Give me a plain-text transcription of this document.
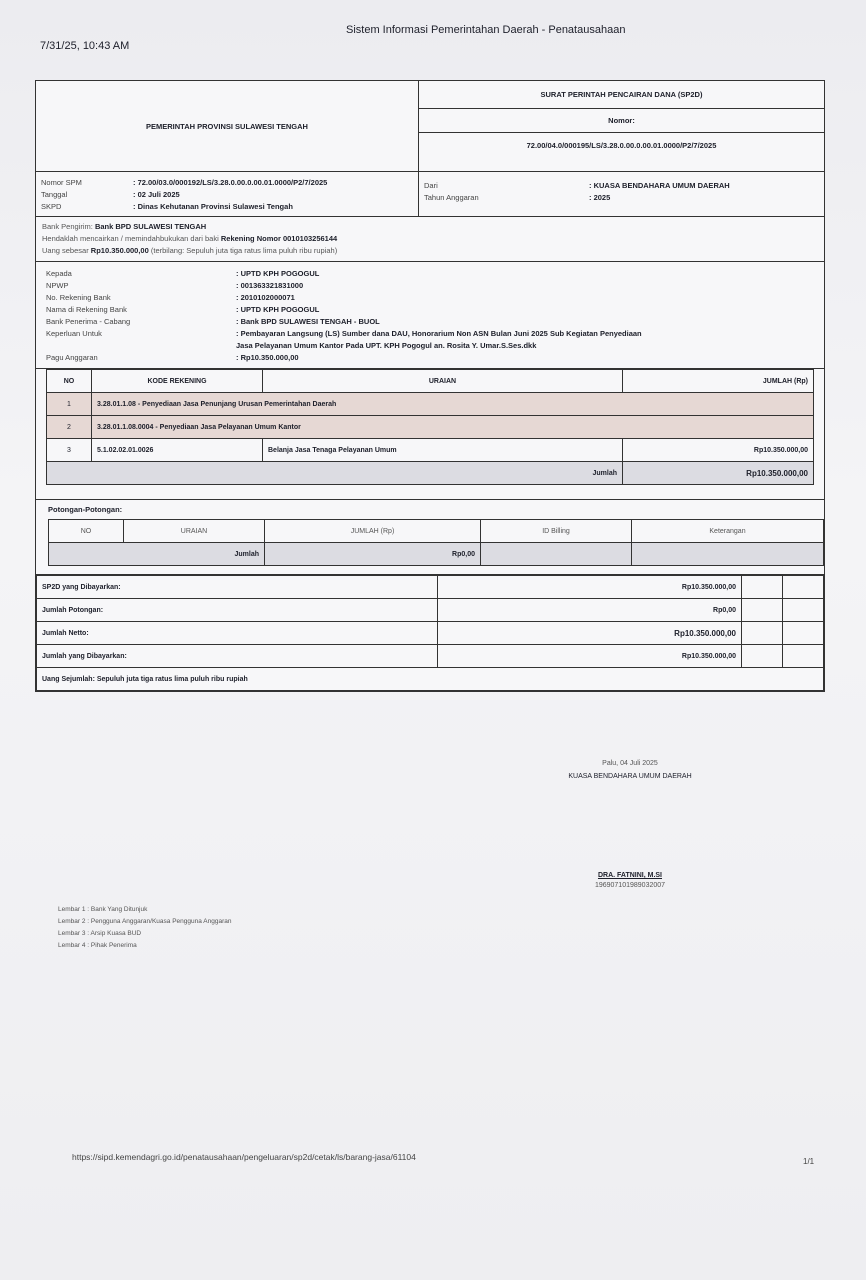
7/31/25, 10:43 AM
Sistem Informasi Pemerintahan Daerah - Penatausahaan
PEMERINTAH PROVINSI SULAWESI TENGAH
SURAT PERINTAH PENCAIRAN DANA (SP2D)
Nomor:
72.00/04.0/000195/LS/3.28.0.00.0.00.01.0000/P2/7/2025
Nomor SPM	: 72.00/03.0/000192/LS/3.28.0.00.0.00.01.0000/P2/7/2025
Tanggal	: 02 Juli 2025
SKPD	: Dinas Kehutanan Provinsi Sulawesi Tengah
Dari	: KUASA BENDAHARA UMUM DAERAH
Tahun Anggaran	: 2025
Bank Pengirim: Bank BPD SULAWESI TENGAH
Hendaklah mencairkan / memindahbukukan dari baki Rekening Nomor 0010103256144
Uang sebesar Rp10.350.000,00 (terbilang: Sepuluh juta tiga ratus lima puluh ribu rupiah)
Kepada	: UPTD KPH POGOGUL
NPWP	: 001363321831000
No. Rekening Bank	: 2010102000071
Nama di Rekening Bank	: UPTD KPH POGOGUL
Bank Penerima - Cabang	: Bank BPD SULAWESI TENGAH - BUOL
Keperluan Untuk	: Pembayaran Langsung (LS) Sumber dana DAU, Honorarium Non ASN Bulan Juni 2025 Sub Kegiatan Penyediaan
Jasa Pelayanan Umum Kantor Pada UPT. KPH Pogogul an. Rosita Y. Umar.S.Ses.dkk
Pagu Anggaran	: Rp10.350.000,00
NO	KODE REKENING	URAIAN	JUMLAH (Rp)
1	3.28.01.1.08 - Penyediaan Jasa Penunjang Urusan Pemerintahan Daerah		
2	3.28.01.1.08.0004 - Penyediaan Jasa Pelayanan Umum Kantor		
3	5.1.02.02.01.0026	Belanja Jasa Tenaga Pelayanan Umum	Rp10.350.000,00
Jumlah			Rp10.350.000,00
Potongan-Potongan:
NO	URAIAN	JUMLAH (Rp)	ID Billing	Keterangan
Jumlah		Rp0,00		
SP2D yang Dibayarkan:	Rp10.350.000,00		
Jumlah Potongan:	Rp0,00		
Jumlah Netto:	Rp10.350.000,00		
Jumlah yang Dibayarkan:	Rp10.350.000,00		
Uang Sejumlah: Sepuluh juta tiga ratus lima puluh ribu rupiah			
Palu, 04 Juli 2025
KUASA BENDAHARA UMUM DAERAH
DRA. FATNINI, M.SI
196907101989032007
Lembar 1 : Bank Yang Ditunjuk
Lembar 2 : Pengguna Anggaran/Kuasa Pengguna Anggaran
Lembar 3 : Arsip Kuasa BUD
Lembar 4 : Pihak Penerima
https://sipd.kemendagri.go.id/penatausahaan/pengeluaran/sp2d/cetak/ls/barang-jasa/61104	1/1
